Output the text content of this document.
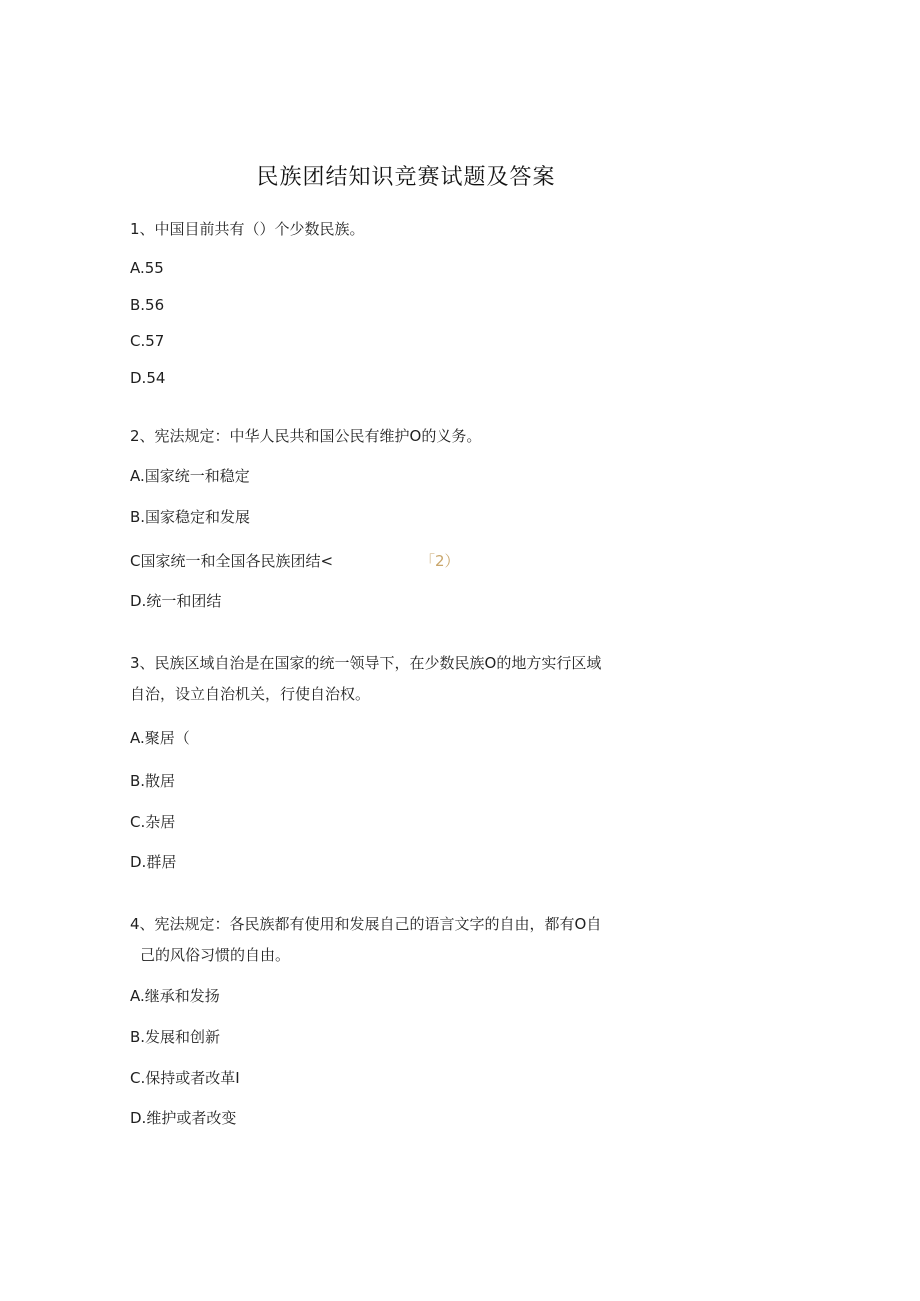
民族团结知识竞赛试题及答案
1、中国目前共有（）个少数民族。
A.55
B.56
C.57
D.54
2、宪法规定：中华人民共和国公民有维护O的义务。
A.国家统一和稳定
B.国家稳定和发展
C国家统一和全国各民族团结<	「2）
D.统一和团结
3、民族区域自治是在国家的统一领导下，在少数民族O的地方实行区域
自治，设立自治机关，行使自治权。
A.聚居（
B.散居
C.杂居
D.群居
4、宪法规定：各民族都有使用和发展自己的语言文字的自由，都有O自
己的风俗习惯的自由。
A.继承和发扬
B.发展和创新
C.保持或者改革I
D.维护或者改变
